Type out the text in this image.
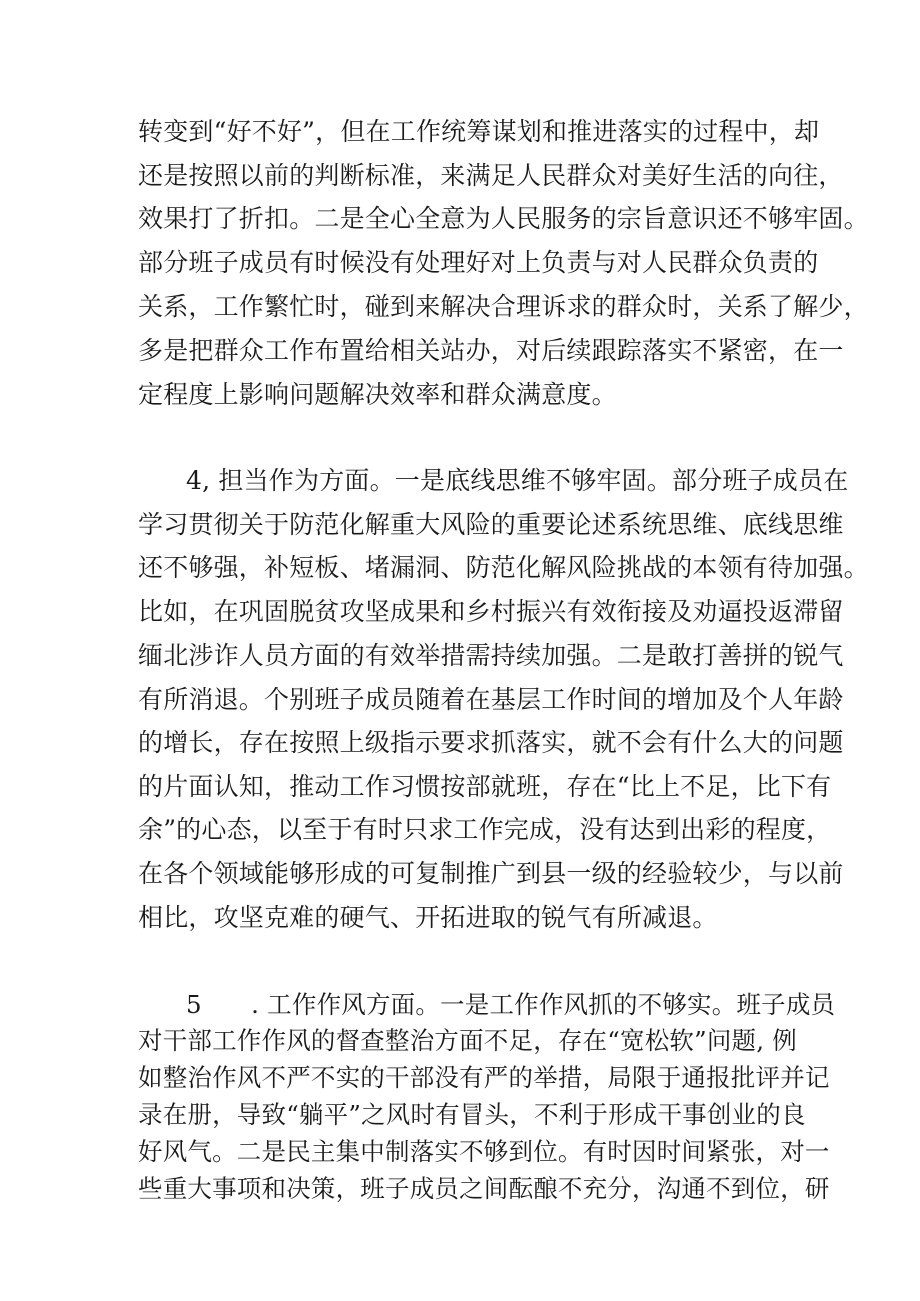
转变到“好不好”，但在工作统筹谋划和推进落实的过程中，却
还是按照以前的判断标准，来满足人民群众对美好生活的向往，
效果打了折扣。二是全心全意为人民服务的宗旨意识还不够牢固。
部分班子成员有时候没有处理好对上负责与对人民群众负责的
关系，工作繁忙时，碰到来解决合理诉求的群众时，关系了解少，
多是把群众工作布置给相关站办，对后续跟踪落实不紧密，在一
定程度上影响问题解决效率和群众满意度。
4, 担当作为方面。一是底线思维不够牢固。部分班子成员在
学习贯彻关于防范化解重大风险的重要论述系统思维、底线思维
还不够强，补短板、堵漏洞、防范化解风险挑战的本领有待加强。
比如，在巩固脱贫攻坚成果和乡村振兴有效衔接及劝逼投返滞留
缅北涉诈人员方面的有效举措需持续加强。二是敢打善拼的锐气
有所消退。个别班子成员随着在基层工作时间的增加及个人年龄
的增长，存在按照上级指示要求抓落实，就不会有什么大的问题
的片面认知，推动工作习惯按部就班，存在“比上不足，比下有
余”的心态，以至于有时只求工作完成，没有达到出彩的程度，
在各个领域能够形成的可复制推广到县一级的经验较少，与以前
相比，攻坚克难的硬气、开拓进取的锐气有所减退。
5　　. 工作作风方面。一是工作作风抓的不够实。班子成员
对干部工作作风的督查整治方面不足，存在“宽松软”问题, 例
如整治作风不严不实的干部没有严的举措，局限于通报批评并记
录在册，导致“躺平”之风时有冒头，不利于形成干事创业的良
好风气。二是民主集中制落实不够到位。有时因时间紧张，对一
些重大事项和决策，班子成员之间酝酿不充分，沟通不到位，研
